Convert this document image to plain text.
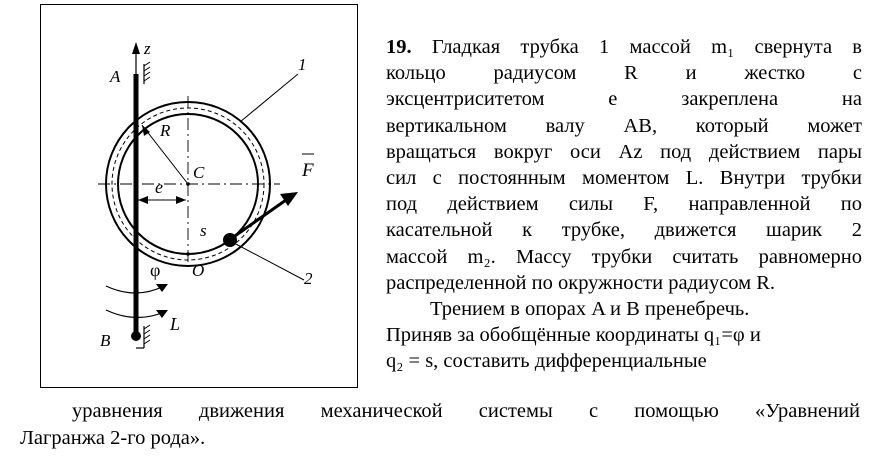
z
A
B
C
R
e
1
O
s
2
F
φ
L
19. Гладкая трубка 1 массой m₁ свернута в
кольцо радиусом R и жестко с
эксцентриситетом e закреплена на
вертикальном валу AB, который может
вращаться вокруг оси Az под действием пары
сил с постоянным моментом L. Внутри трубки
под действием силы F, направленной по
касательной к трубке, движется шарик 2
массой m₂. Массу трубки считать равномерно
распределенной по окружности радиусом R.
Трением в опорах A и B пренебречь.
Приняв за обобщённые координаты q₁=φ и
q₂ = s, составить дифференциальные
уравнения движения механической системы с помощью «Уравнений
Лагранжа 2-го рода».
